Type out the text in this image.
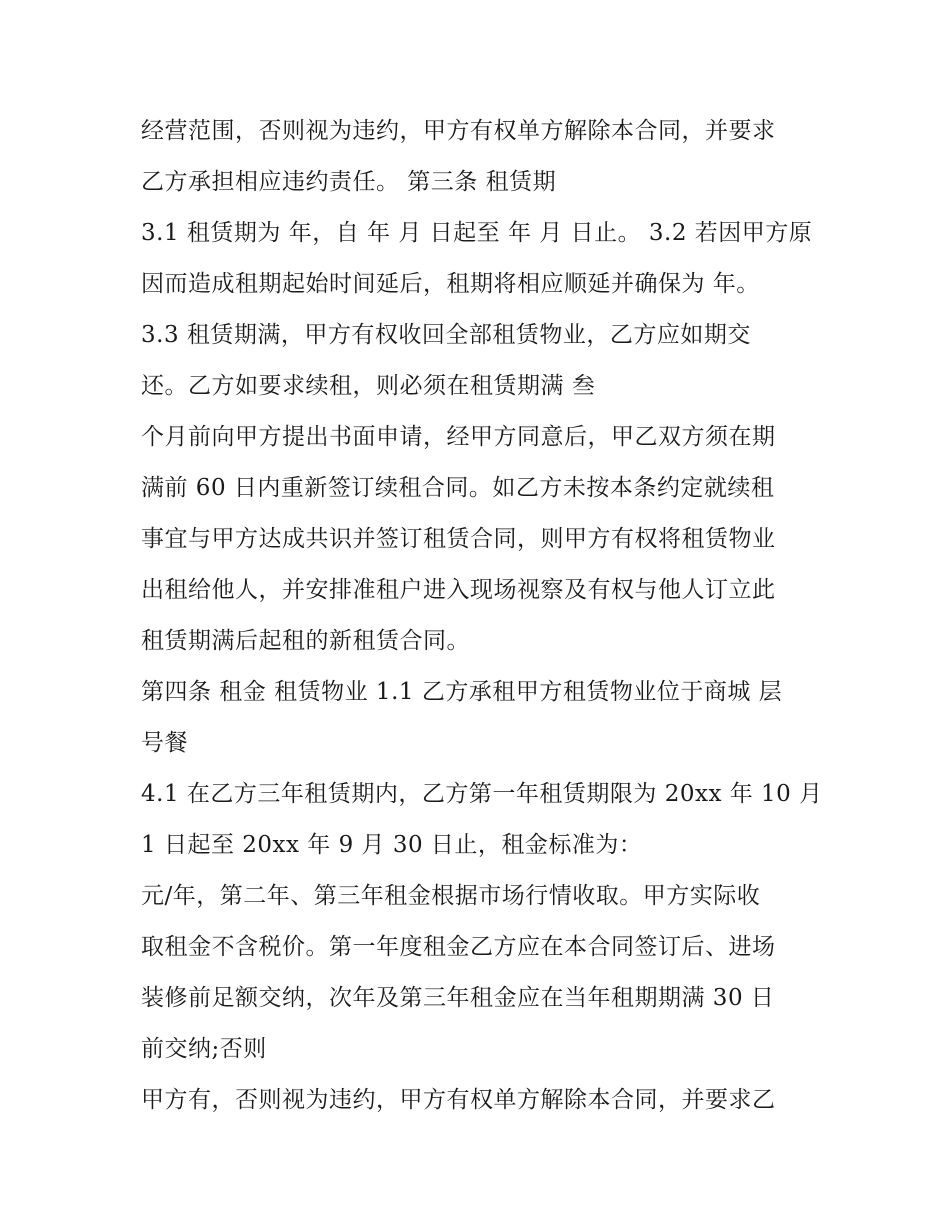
经营范围，否则视为违约，甲方有权单方解除本合同，并要求
乙方承担相应违约责任。 第三条 租赁期
3.1 租赁期为 年，自 年 月 日起至 年 月 日止。 3.2 若因甲方原
因而造成租期起始时间延后，租期将相应顺延并确保为 年。
3.3 租赁期满，甲方有权收回全部租赁物业，乙方应如期交
还。乙方如要求续租，则必须在租赁期满 叁
个月前向甲方提出书面申请，经甲方同意后，甲乙双方须在期
满前 60 日内重新签订续租合同。如乙方未按本条约定就续租
事宜与甲方达成共识并签订租赁合同，则甲方有权将租赁物业
出租给他人，并安排准租户进入现场视察及有权与他人订立此
租赁期满后起租的新租赁合同。
第四条 租金 租赁物业 1.1 乙方承租甲方租赁物业位于商城 层
号餐
4.1 在乙方三年租赁期内，乙方第一年租赁期限为 20xx 年 10 月
1 日起至 20xx 年 9 月 30 日止，租金标准为：
元/年，第二年、第三年租金根据市场行情收取。甲方实际收
取租金不含税价。第一年度租金乙方应在本合同签订后、进场
装修前足额交纳，次年及第三年租金应在当年租期期满 30 日
前交纳;否则
甲方有，否则视为违约，甲方有权单方解除本合同，并要求乙
